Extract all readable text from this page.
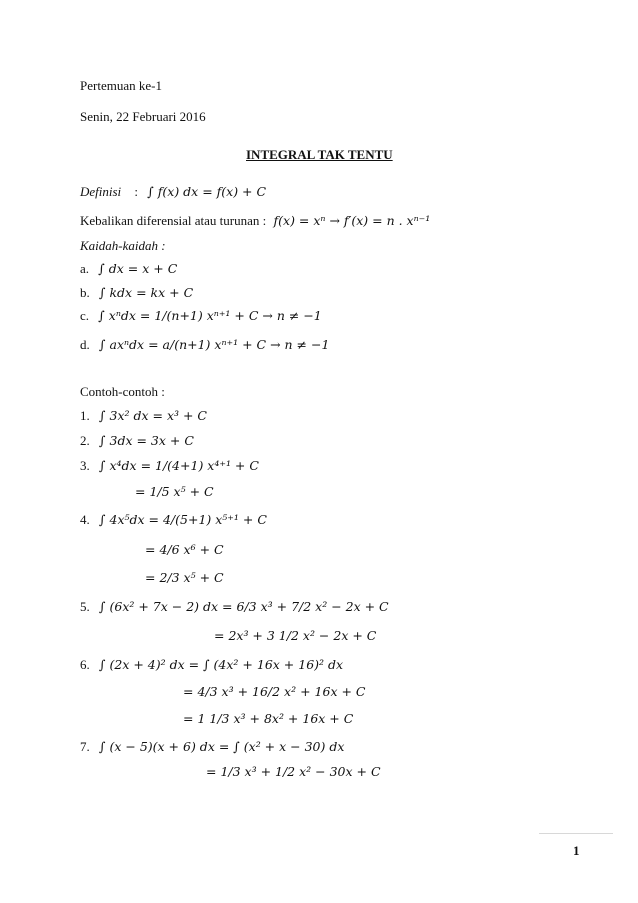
Pertemuan ke-1
Senin, 22 Februari 2016
INTEGRAL TAK TENTU
Definisi : ∫ f(x) dx = f(x) + C
Kebalikan diferensial atau turunan : f(x) = xⁿ → f′(x) = n . xⁿ⁻¹
Kaidah-kaidah :
a. ∫ dx = x + C
b. ∫ kdx = kx + C
c. ∫ xⁿdx = 1/(n+1) xⁿ⁺¹ + C → n ≠ −1
d. ∫ axⁿdx = a/(n+1) xⁿ⁺¹ + C → n ≠ −1
Contoh-contoh :
1. ∫ 3x² dx = x³ + C
2. ∫ 3dx = 3x + C
3. ∫ x⁴dx = 1/(4+1) x⁴⁺¹ + C
= 1/5 x⁵ + C
4. ∫ 4x⁵dx = 4/(5+1) x⁵⁺¹ + C
= 4/6 x⁶ + C
= 2/3 x⁵ + C
5. ∫ (6x² + 7x − 2) dx = 6/3 x³ + 7/2 x² − 2x + C
= 2x³ + 3 1/2 x² − 2x + C
6. ∫ (2x + 4)² dx = ∫ (4x² + 16x + 16)² dx
= 4/3 x³ + 16/2 x² + 16x + C
= 1 1/3 x³ + 8x² + 16x + C
7. ∫ (x − 5)(x + 6) dx = ∫ (x² + x − 30) dx
= 1/3 x³ + 1/2 x² − 30x + C
1
